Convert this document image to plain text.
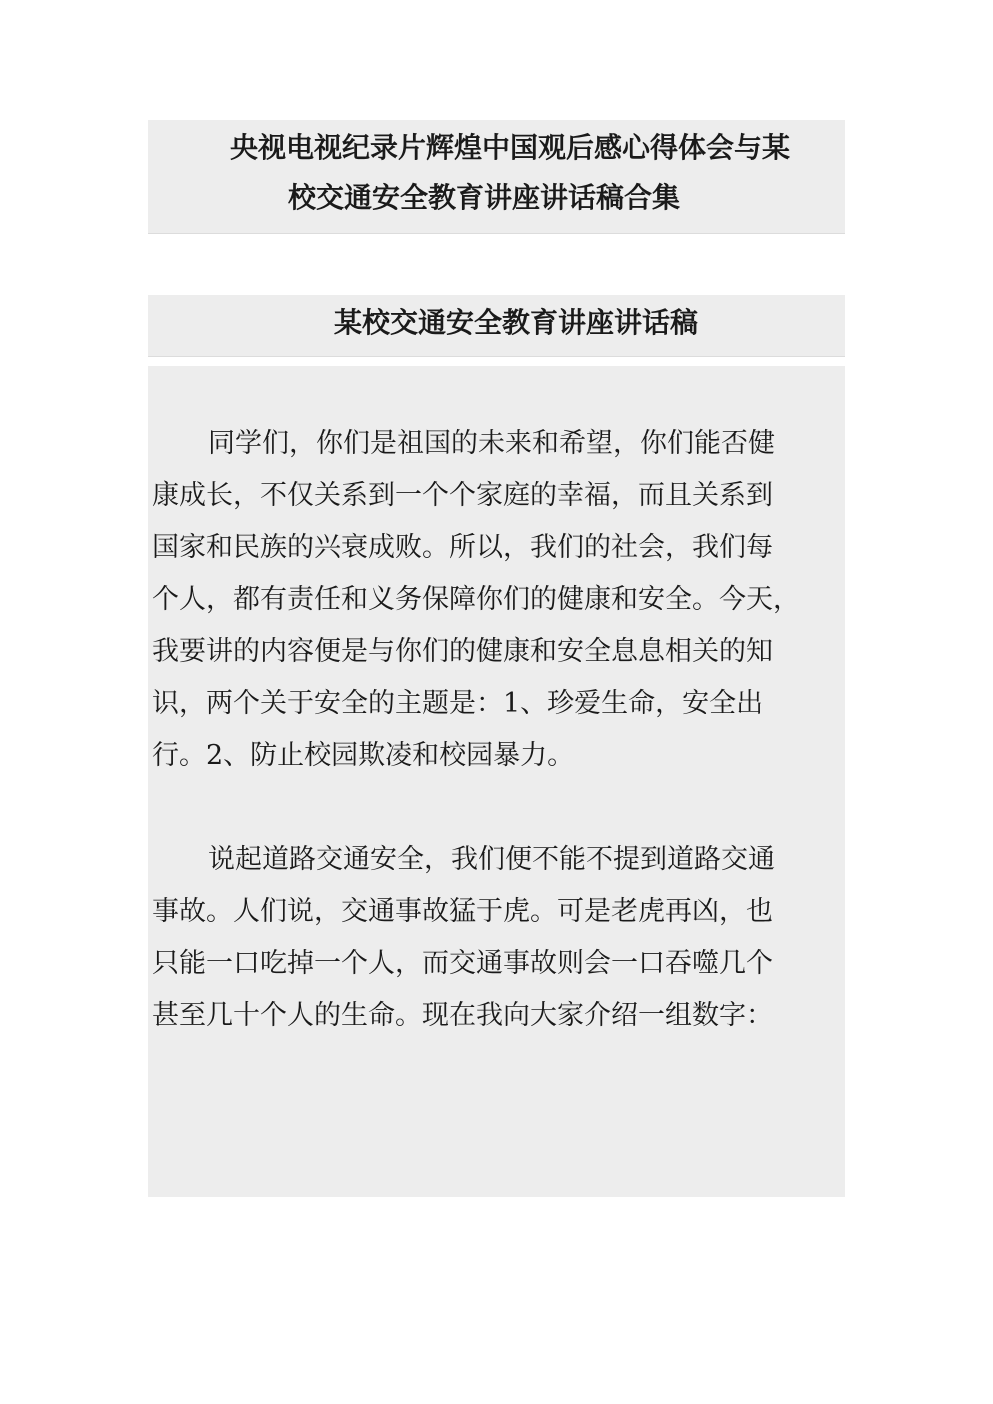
央视电视纪录片辉煌中国观后感心得体会与某
校交通安全教育讲座讲话稿合集
某校交通安全教育讲座讲话稿
同学们，你们是祖国的未来和希望，你们能否健
康成长，不仅关系到一个个家庭的幸福，而且关系到
国家和民族的兴衰成败。所以，我们的社会，我们每
个人，都有责任和义务保障你们的健康和安全。今天，
我要讲的内容便是与你们的健康和安全息息相关的知
识，两个关于安全的主题是：1、珍爱生命，安全出
行。2、防止校园欺凌和校园暴力。
说起道路交通安全，我们便不能不提到道路交通
事故。人们说，交通事故猛于虎。可是老虎再凶，也
只能一口吃掉一个人，而交通事故则会一口吞噬几个
甚至几十个人的生命。现在我向大家介绍一组数字：
